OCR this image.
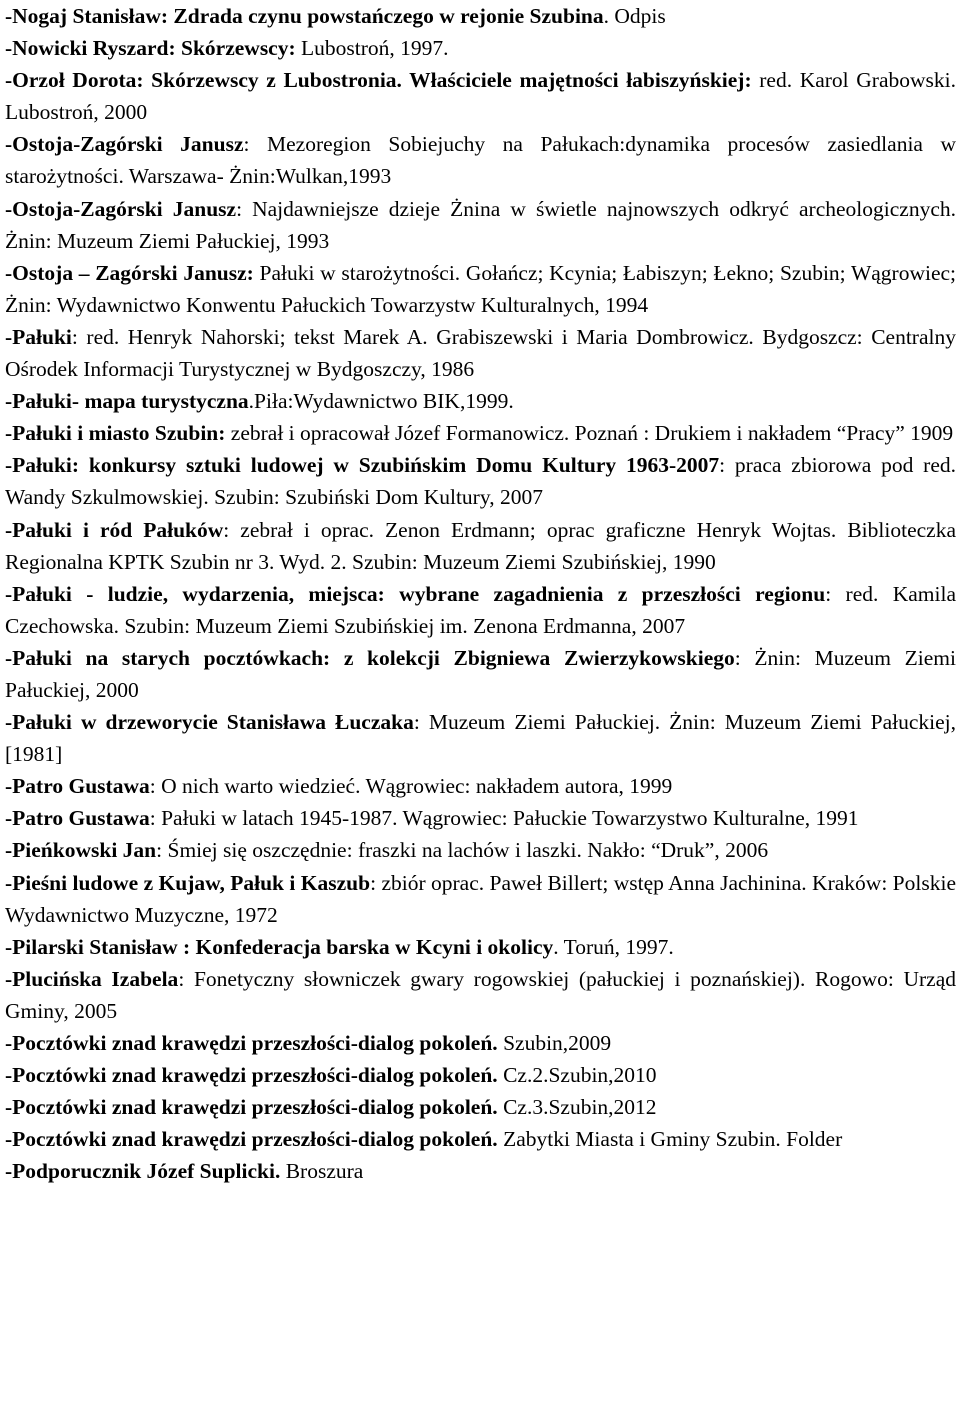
-Nogaj Stanisław: Zdrada czynu powstańczego w rejonie Szubina. Odpis

-Nowicki Ryszard: Skórzewscy: Lubostroń, 1997.

-Orzoł Dorota: Skórzewscy z Lubostronia. Właściciele majętności łabiszyńskiej: red. Karol Grabowski. Lubostroń, 2000

-Ostoja-Zagórski Janusz: Mezoregion Sobiejuchy na Pałukach:dynamika procesów zasiedlania w starożytności. Warszawa- Żnin:Wulkan,1993

-Ostoja-Zagórski Janusz: Najdawniejsze dzieje Żnina w świetle najnowszych odkryć archeologicznych. Żnin: Muzeum Ziemi Pałuckiej, 1993

-Ostoja – Zagórski Janusz: Pałuki w starożytności. Gołańcz; Kcynia; Łabiszyn; Łekno; Szubin; Wągrowiec; Żnin: Wydawnictwo Konwentu Pałuckich Towarzystw Kulturalnych, 1994

-Pałuki: red. Henryk Nahorski; tekst Marek A. Grabiszewski i Maria Dombrowicz. Bydgoszcz: Centralny Ośrodek Informacji Turystycznej w Bydgoszczy, 1986

-Pałuki- mapa turystyczna.Piła:Wydawnictwo BIK,1999.

-Pałuki i miasto Szubin: zebrał i opracował Józef Formanowicz. Poznań : Drukiem i nakładem “Pracy” 1909

-Pałuki: konkursy sztuki ludowej w Szubińskim Domu Kultury 1963-2007: praca zbiorowa pod red. Wandy Szkulmowskiej. Szubin: Szubiński Dom Kultury, 2007

-Pałuki i ród Pałuków: zebrał i oprac. Zenon Erdmann; oprac graficzne Henryk Wojtas. Biblioteczka Regionalna KPTK Szubin nr 3. Wyd. 2. Szubin: Muzeum Ziemi Szubińskiej, 1990

-Pałuki - ludzie, wydarzenia, miejsca: wybrane zagadnienia z przeszłości regionu: red. Kamila Czechowska. Szubin: Muzeum Ziemi Szubińskiej im. Zenona Erdmanna, 2007

-Pałuki na starych pocztówkach: z kolekcji Zbigniewa Zwierzykowskiego: Żnin: Muzeum Ziemi Pałuckiej, 2000

-Pałuki w drzeworycie Stanisława Łuczaka: Muzeum Ziemi Pałuckiej. Żnin: Muzeum Ziemi Pałuckiej, [1981]

-Patro Gustawa: O nich warto wiedzieć. Wągrowiec: nakładem autora, 1999

-Patro Gustawa: Pałuki w latach 1945-1987. Wągrowiec: Pałuckie Towarzystwo Kulturalne, 1991

-Pieńkowski Jan: Śmiej się oszczędnie: fraszki na lachów i laszki. Nakło: “Druk”, 2006

-Pieśni ludowe z Kujaw, Pałuk i Kaszub: zbiór oprac. Paweł Billert; wstęp Anna Jachinina. Kraków: Polskie Wydawnictwo Muzyczne, 1972

-Pilarski Stanisław : Konfederacja barska w Kcyni i okolicy. Toruń, 1997.

-Plucińska Izabela: Fonetyczny słowniczek gwary rogowskiej (pałuckiej i poznańskiej). Rogowo: Urząd Gminy, 2005

-Pocztówki znad krawędzi przeszłości-dialog pokoleń. Szubin,2009

-Pocztówki znad krawędzi przeszłości-dialog pokoleń. Cz.2.Szubin,2010

-Pocztówki znad krawędzi przeszłości-dialog pokoleń. Cz.3.Szubin,2012

-Pocztówki znad krawędzi przeszłości-dialog pokoleń. Zabytki Miasta i Gminy Szubin. Folder

-Podporucznik Józef Suplicki. Broszura
